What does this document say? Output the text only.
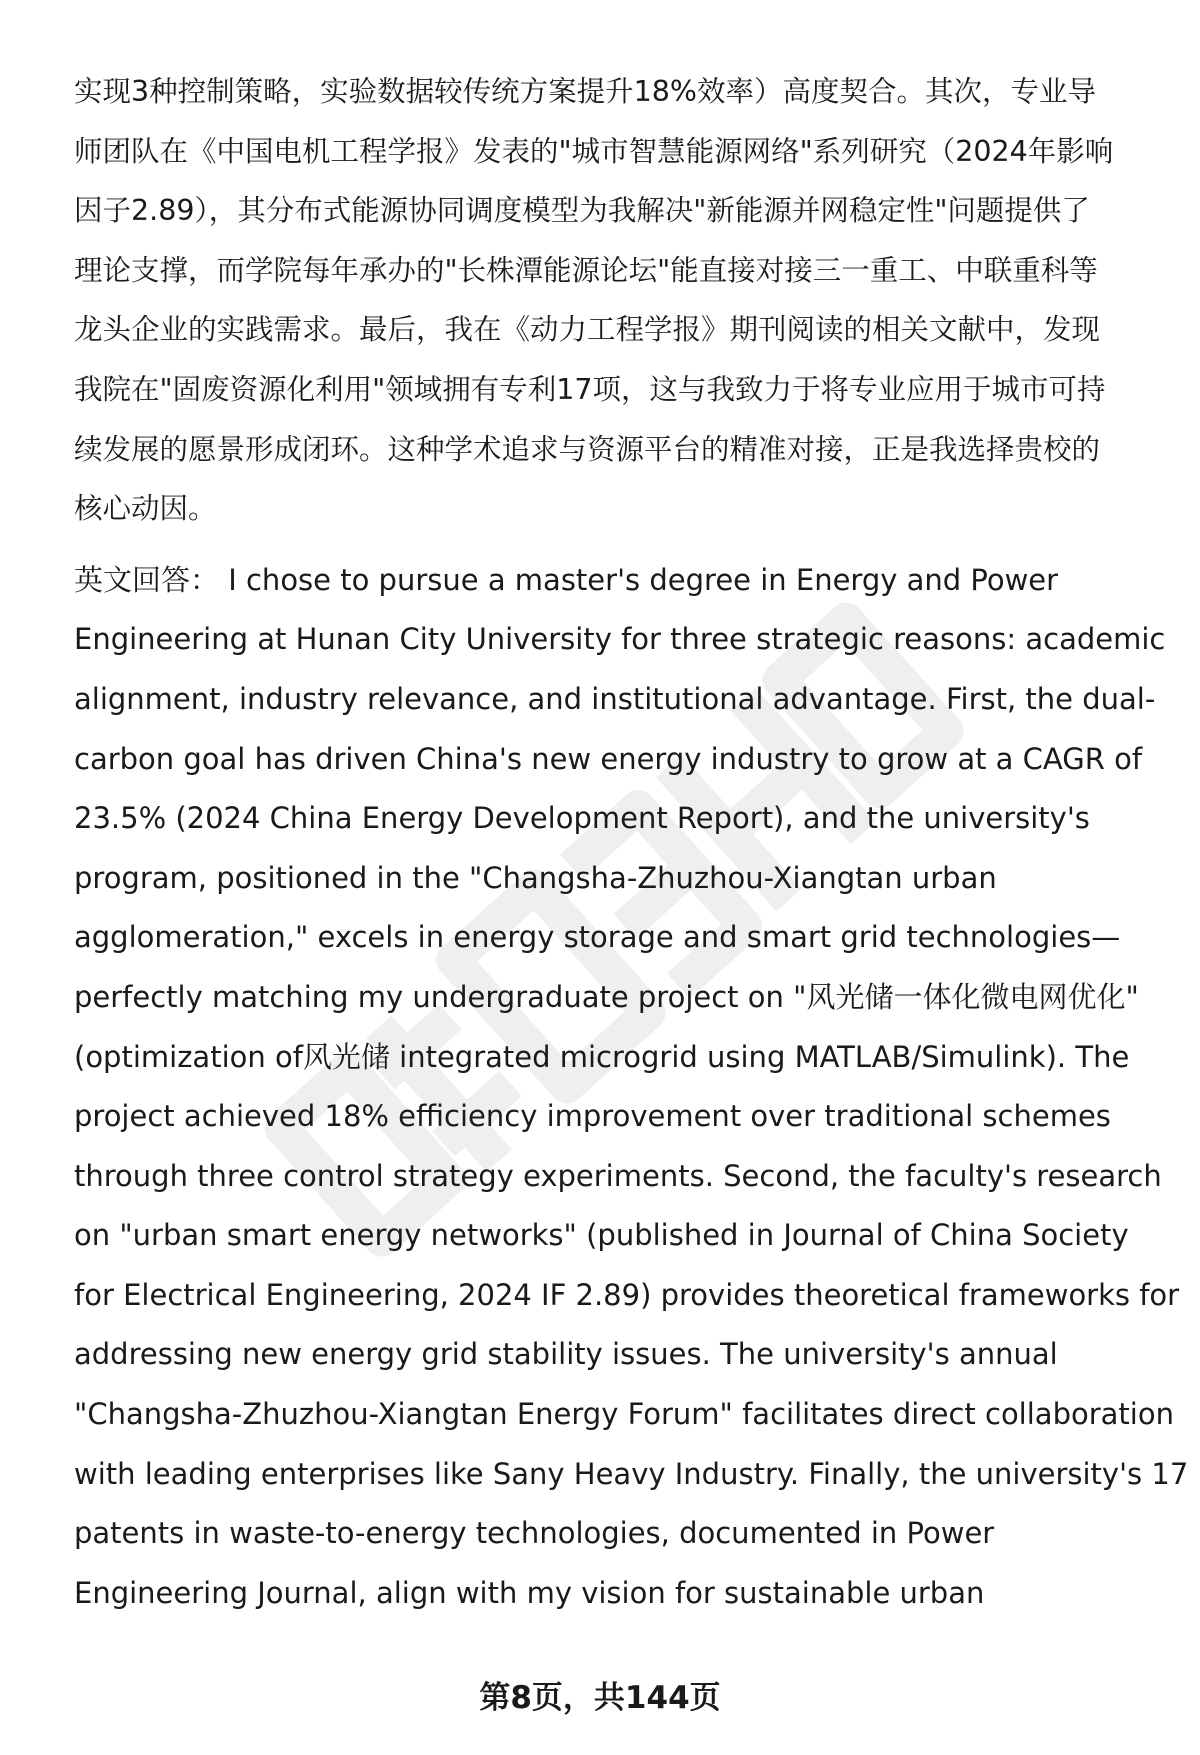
实现3种控制策略，实验数据较传统方案提升18%效率）高度契合。其次，专业导
师团队在《中国电机工程学报》发表的"城市智慧能源网络"系列研究（2024年影响
因子2.89），其分布式能源协同调度模型为我解决"新能源并网稳定性"问题提供了
理论支撑，而学院每年承办的"长株潭能源论坛"能直接对接三一重工、中联重科等
龙头企业的实践需求。最后，我在《动力工程学报》期刊阅读的相关文献中，发现
我院在"固废资源化利用"领域拥有专利17项，这与我致力于将专业应用于城市可持
续发展的愿景形成闭环。这种学术追求与资源平台的精准对接，正是我选择贵校的
核心动因。
英文回答： I chose to pursue a master's degree in Energy and Power
Engineering at Hunan City University for three strategic reasons: academic
alignment, industry relevance, and institutional advantage. First, the dual-
carbon goal has driven China's new energy industry to grow at a CAGR of
23.5% (2024 China Energy Development Report), and the university's
program, positioned in the "Changsha-Zhuzhou-Xiangtan urban
agglomeration," excels in energy storage and smart grid technologies—
perfectly matching my undergraduate project on "风光储一体化微电网优化"
(optimization of风光储 integrated microgrid using MATLAB/Simulink). The
project achieved 18% efficiency improvement over traditional schemes
through three control strategy experiments. Second, the faculty's research
on "urban smart energy networks" (published in Journal of China Society
for Electrical Engineering, 2024 IF 2.89) provides theoretical frameworks for
addressing new energy grid stability issues. The university's annual
"Changsha-Zhuzhou-Xiangtan Energy Forum" facilitates direct collaboration
with leading enterprises like Sany Heavy Industry. Finally, the university's 17
patents in waste-to-energy technologies, documented in Power
Engineering Journal, align with my vision for sustainable urban
第8页，共144页
